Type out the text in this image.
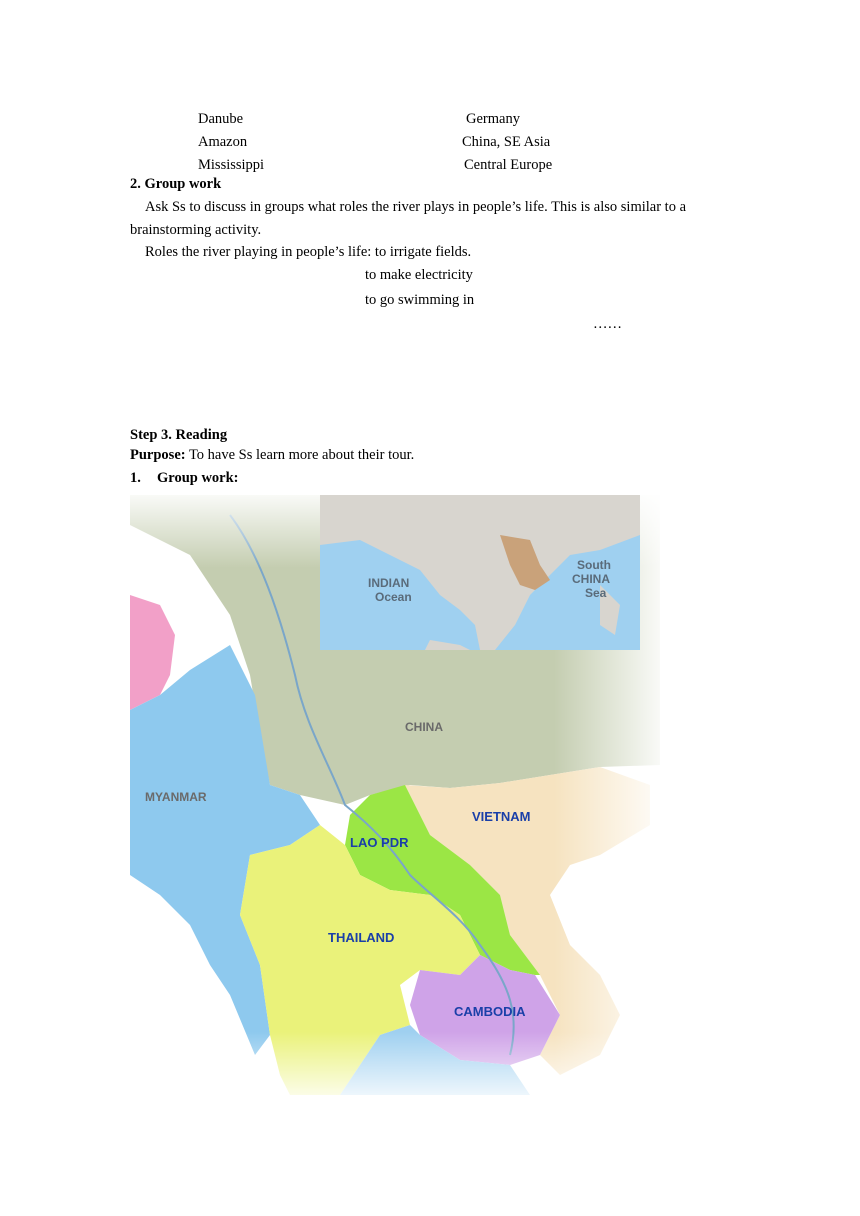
Danube
Amazon
Mississippi
Germany
China, SE Asia
Central Europe
2. Group work
Ask Ss to discuss in groups what roles the river plays in people’s life. This is also similar to a
brainstorming activity.
Roles the river playing in people’s life: to irrigate fields.
to make electricity
to go swimming in
……
Step 3. Reading
Purpose: To have Ss learn more about their tour.
1. Group work:
INDIAN
Ocean
South
CHINA
Sea
CHINA
MYANMAR
VIETNAM
LAO PDR
THAILAND
CAMBODIA
